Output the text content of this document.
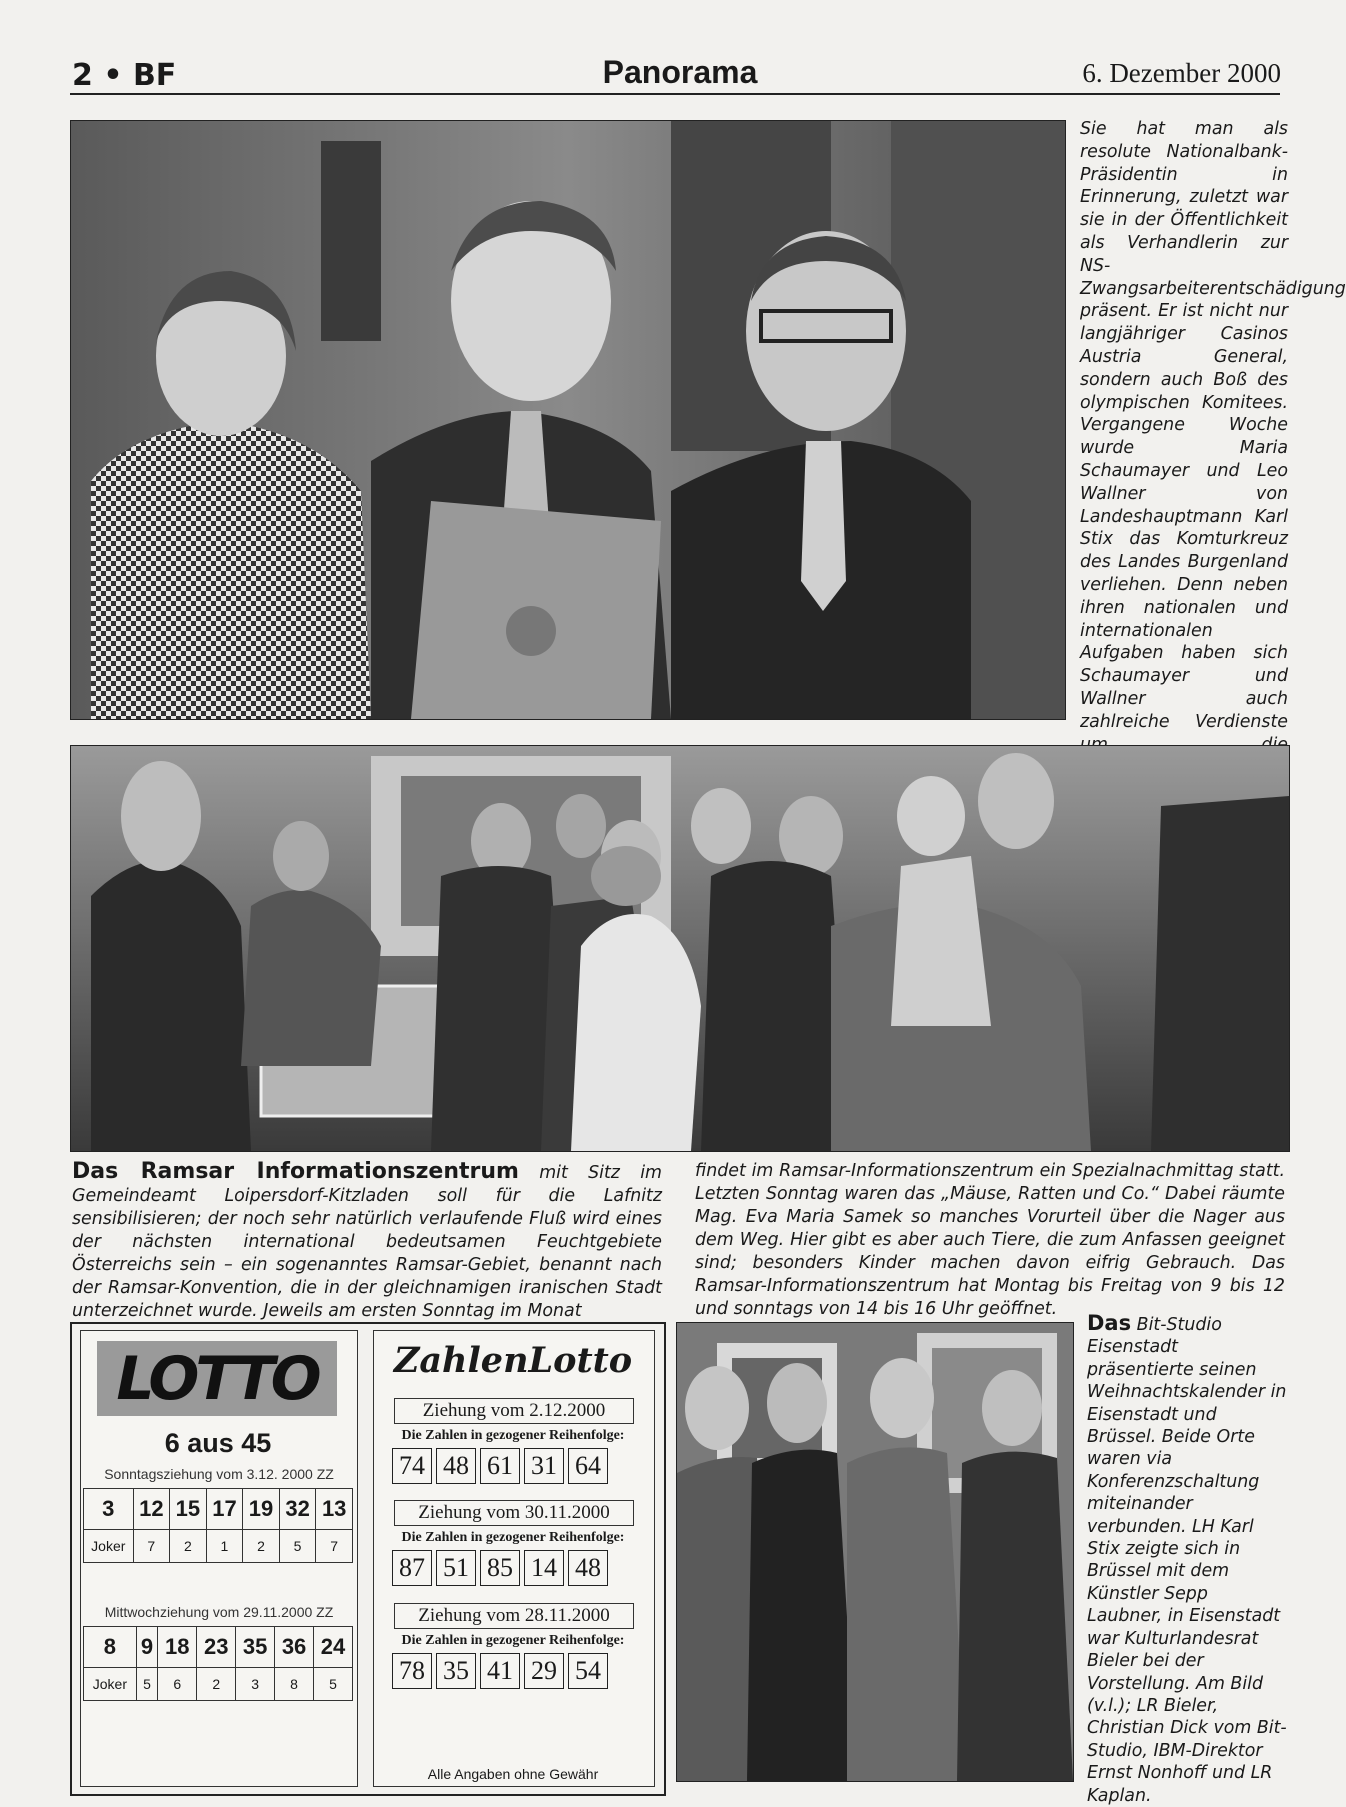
2 • BF	Panorama	6. Dezember 2000
Sie hat man als resolute Nationalbank-Präsidentin in Erinnerung, zuletzt war sie in der Öffentlichkeit als Verhandlerin zur NS-Zwangsarbeiterentschädigung präsent. Er ist nicht nur langjähriger Casinos Austria General, sondern auch Boß des olympischen Komitees. Vergangene Woche wurde Maria Schaumayer und Leo Wallner von Landeshauptmann Karl Stix das Komturkreuz des Landes Burgenland verliehen. Denn neben ihren nationalen und internationalen Aufgaben haben sich Schaumayer und Wallner auch zahlreiche Verdienste
Das Ramsar Informationszentrum mit Sitz im Gemeindeamt Loipersdorf-Kitzladen soll für die Lafnitz sensibilisieren; der noch sehr natürlich verlaufende Fluß wird eines der nächsten international bedeutsamen Feuchtgebiete Österreichs sein – ein sogenanntes Ramsar-Gebiet, benannt nach der Ramsar-Konvention, die in der gleichnamigen iranischen Stadt unterzeichnet wurde. Jeweils am ersten Sonntag im Monat
findet im Ramsar-Informationszentrum ein Spezialnachmittag statt. Letzten Sonntag waren das „Mäuse, Ratten und Co.“ Dabei räumte Mag. Eva Maria Samek so manches Vorurteil über die Nager aus dem Weg. Hier gibt es aber auch Tiere, die zum Anfassen geeignet sind; besonders Kinder machen davon eifrig Gebrauch. Das Ramsar-Informationszentrum hat Montag bis Freitag von 9 bis 12 und sonntags von 14 bis 16 Uhr geöffnet.
LOTTO
6 aus 45
Sonntagsziehung vom 3.12. 2000 ZZ
3	12	15	17	19	32	13
Joker	7	2	1	2	5	7
Mittwochziehung vom 29.11.2000 ZZ
8	9	18	23	35	36	24
Joker	5	6	2	3	8	5
ZahlenLotto
Ziehung vom 2.12.2000
Die Zahlen in gezogener Reihenfolge:
74 48 61 31 64
Ziehung vom 30.11.2000
Die Zahlen in gezogener Reihenfolge:
87 51 85 14 48
Ziehung vom 28.11.2000
Die Zahlen in gezogener Reihenfolge:
78 35 41 29 54
Alle Angaben ohne Gewähr
Das Bit-Studio Eisenstadt präsentierte seinen Weihnachtskalender in Eisenstadt und Brüssel. Beide Orte waren via Konferenzschaltung miteinander verbunden. LH Karl Stix zeigte sich in Brüssel mit dem Künstler Sepp Laubner, in Eisenstadt war Kulturlandesrat Bieler bei der Vorstellung. Am Bild (v.l.); LR Bieler, Christian Dick vom Bit-Studio, IBM-Direktor Ernst Nonhoff und LR Kaplan.
